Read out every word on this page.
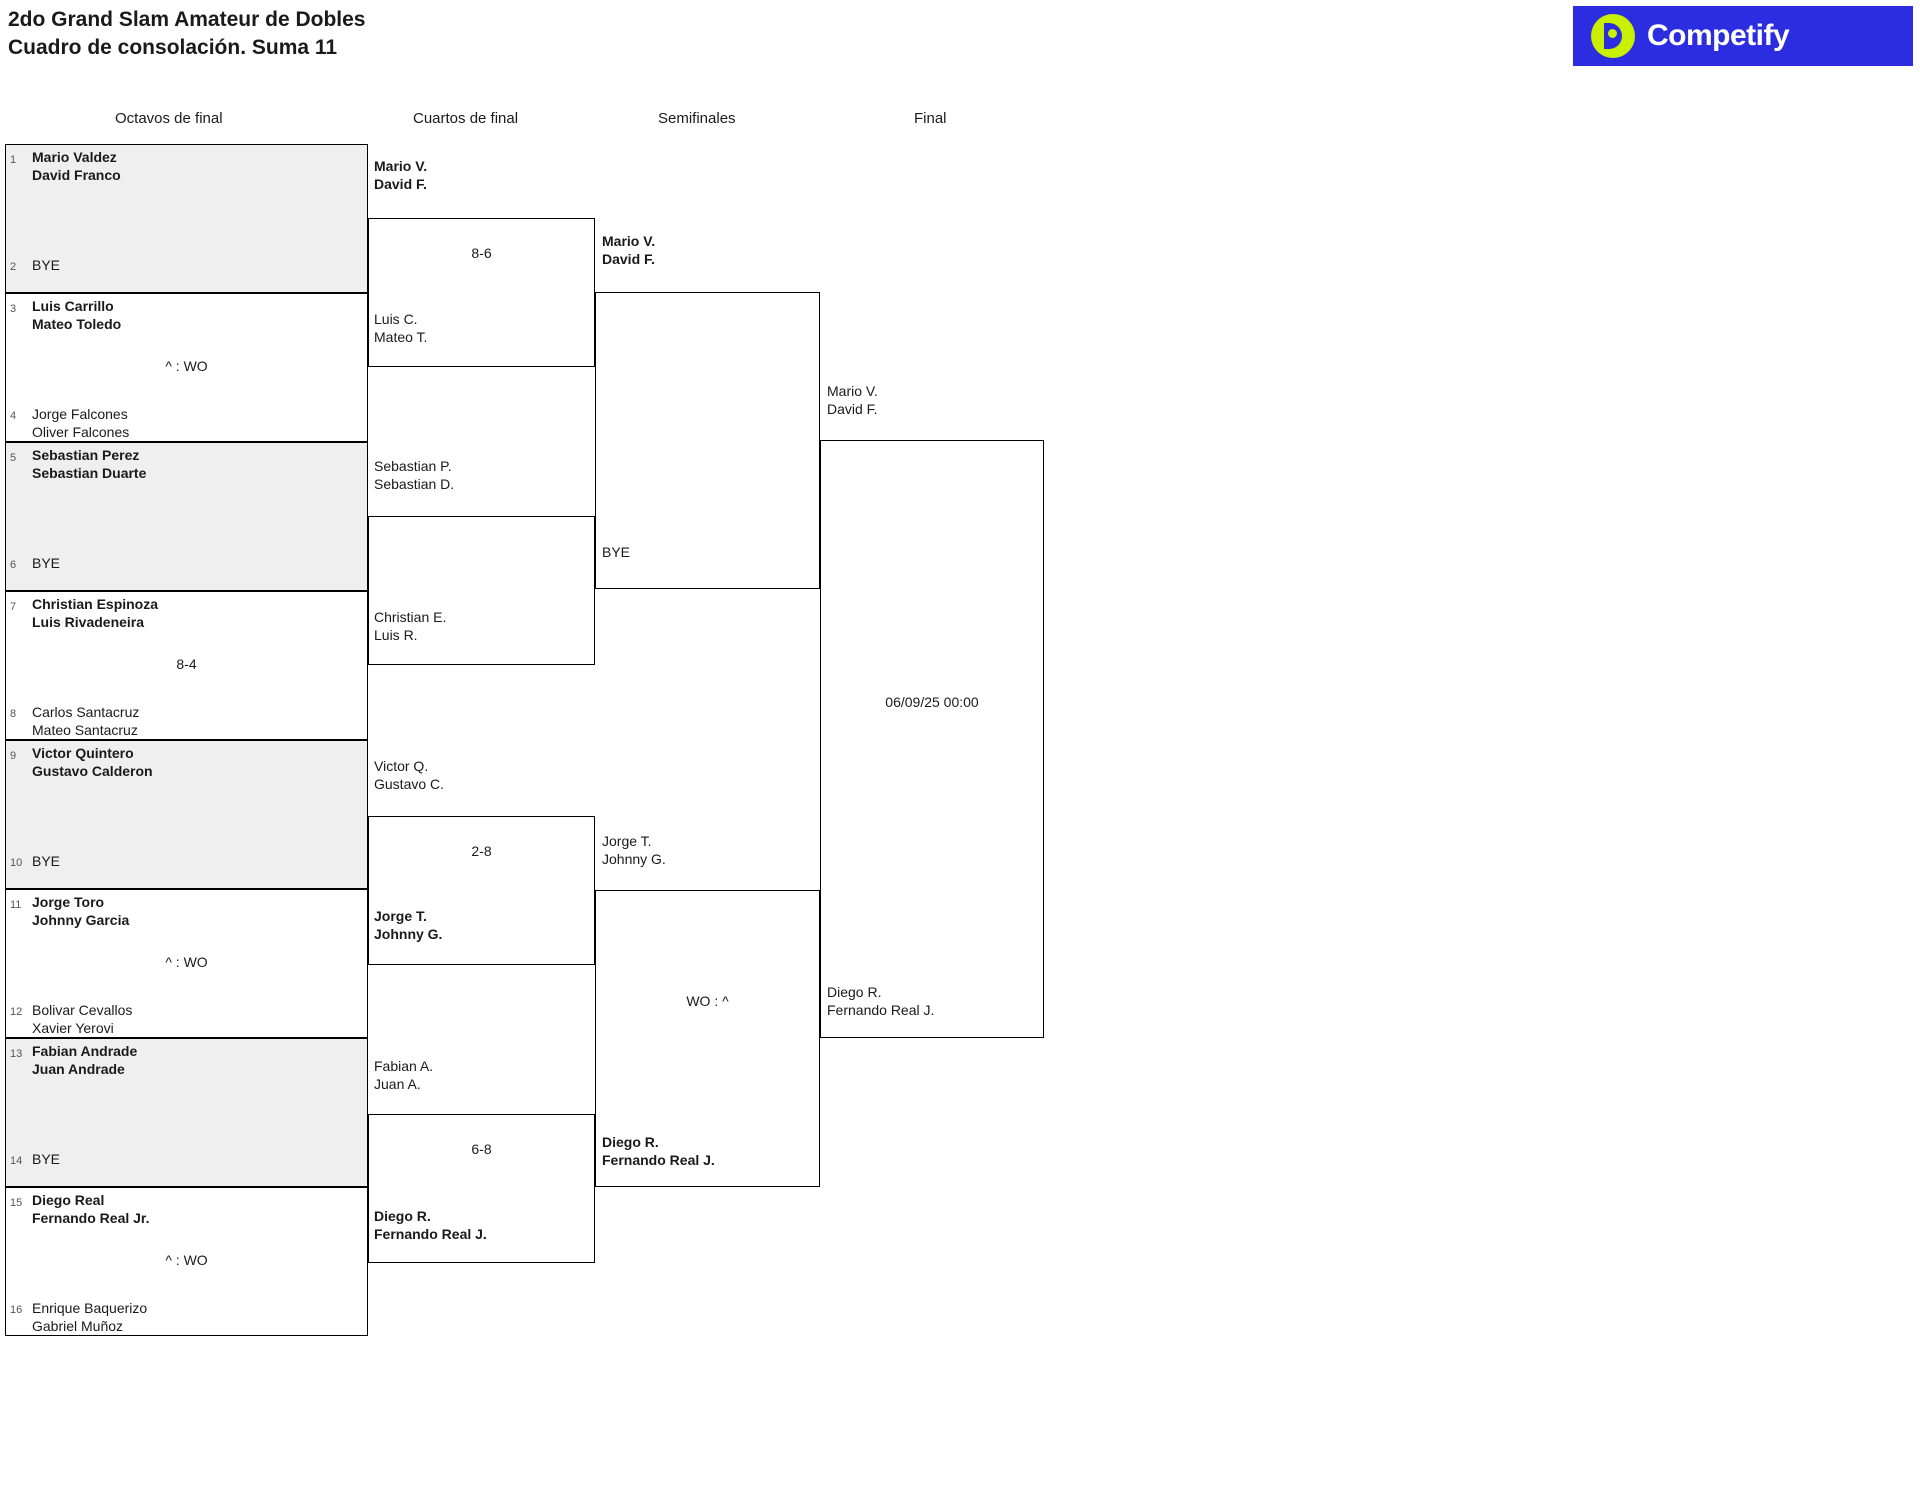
2do Grand Slam Amateur de Dobles
Cuadro de consolación. Suma 11	Competify
Octavos de final	Cuartos de final	Semifinales	Final
1 Mario Valdez
David Franco
2 BYE
3 Luis Carrillo
Mateo Toledo
^ : WO
4 Jorge Falcones
Oliver Falcones
5 Sebastian Perez
Sebastian Duarte
6 BYE
7 Christian Espinoza
Luis Rivadeneira
8-4
8 Carlos Santacruz
Mateo Santacruz
9 Victor Quintero
Gustavo Calderon
10 BYE
11 Jorge Toro
Johnny Garcia
^ : WO
12 Bolivar Cevallos
Xavier Yerovi
13 Fabian Andrade
Juan Andrade
14 BYE
15 Diego Real
Fernando Real Jr.
^ : WO
16 Enrique Baquerizo
Gabriel Muñoz
Mario V.
David F.
8-6
Luis C.
Mateo T.
Sebastian P.
Sebastian D.
Christian E.
Luis R.
Victor Q.
Gustavo C.
2-8
Jorge T.
Johnny G.
Fabian A.
Juan A.
6-8
Diego R.
Fernando Real J.
Mario V.
David F.
BYE
Jorge T.
Johnny G.
WO : ^
Diego R.
Fernando Real J.
Mario V.
David F.
06/09/25 00:00
Diego R.
Fernando Real J.
